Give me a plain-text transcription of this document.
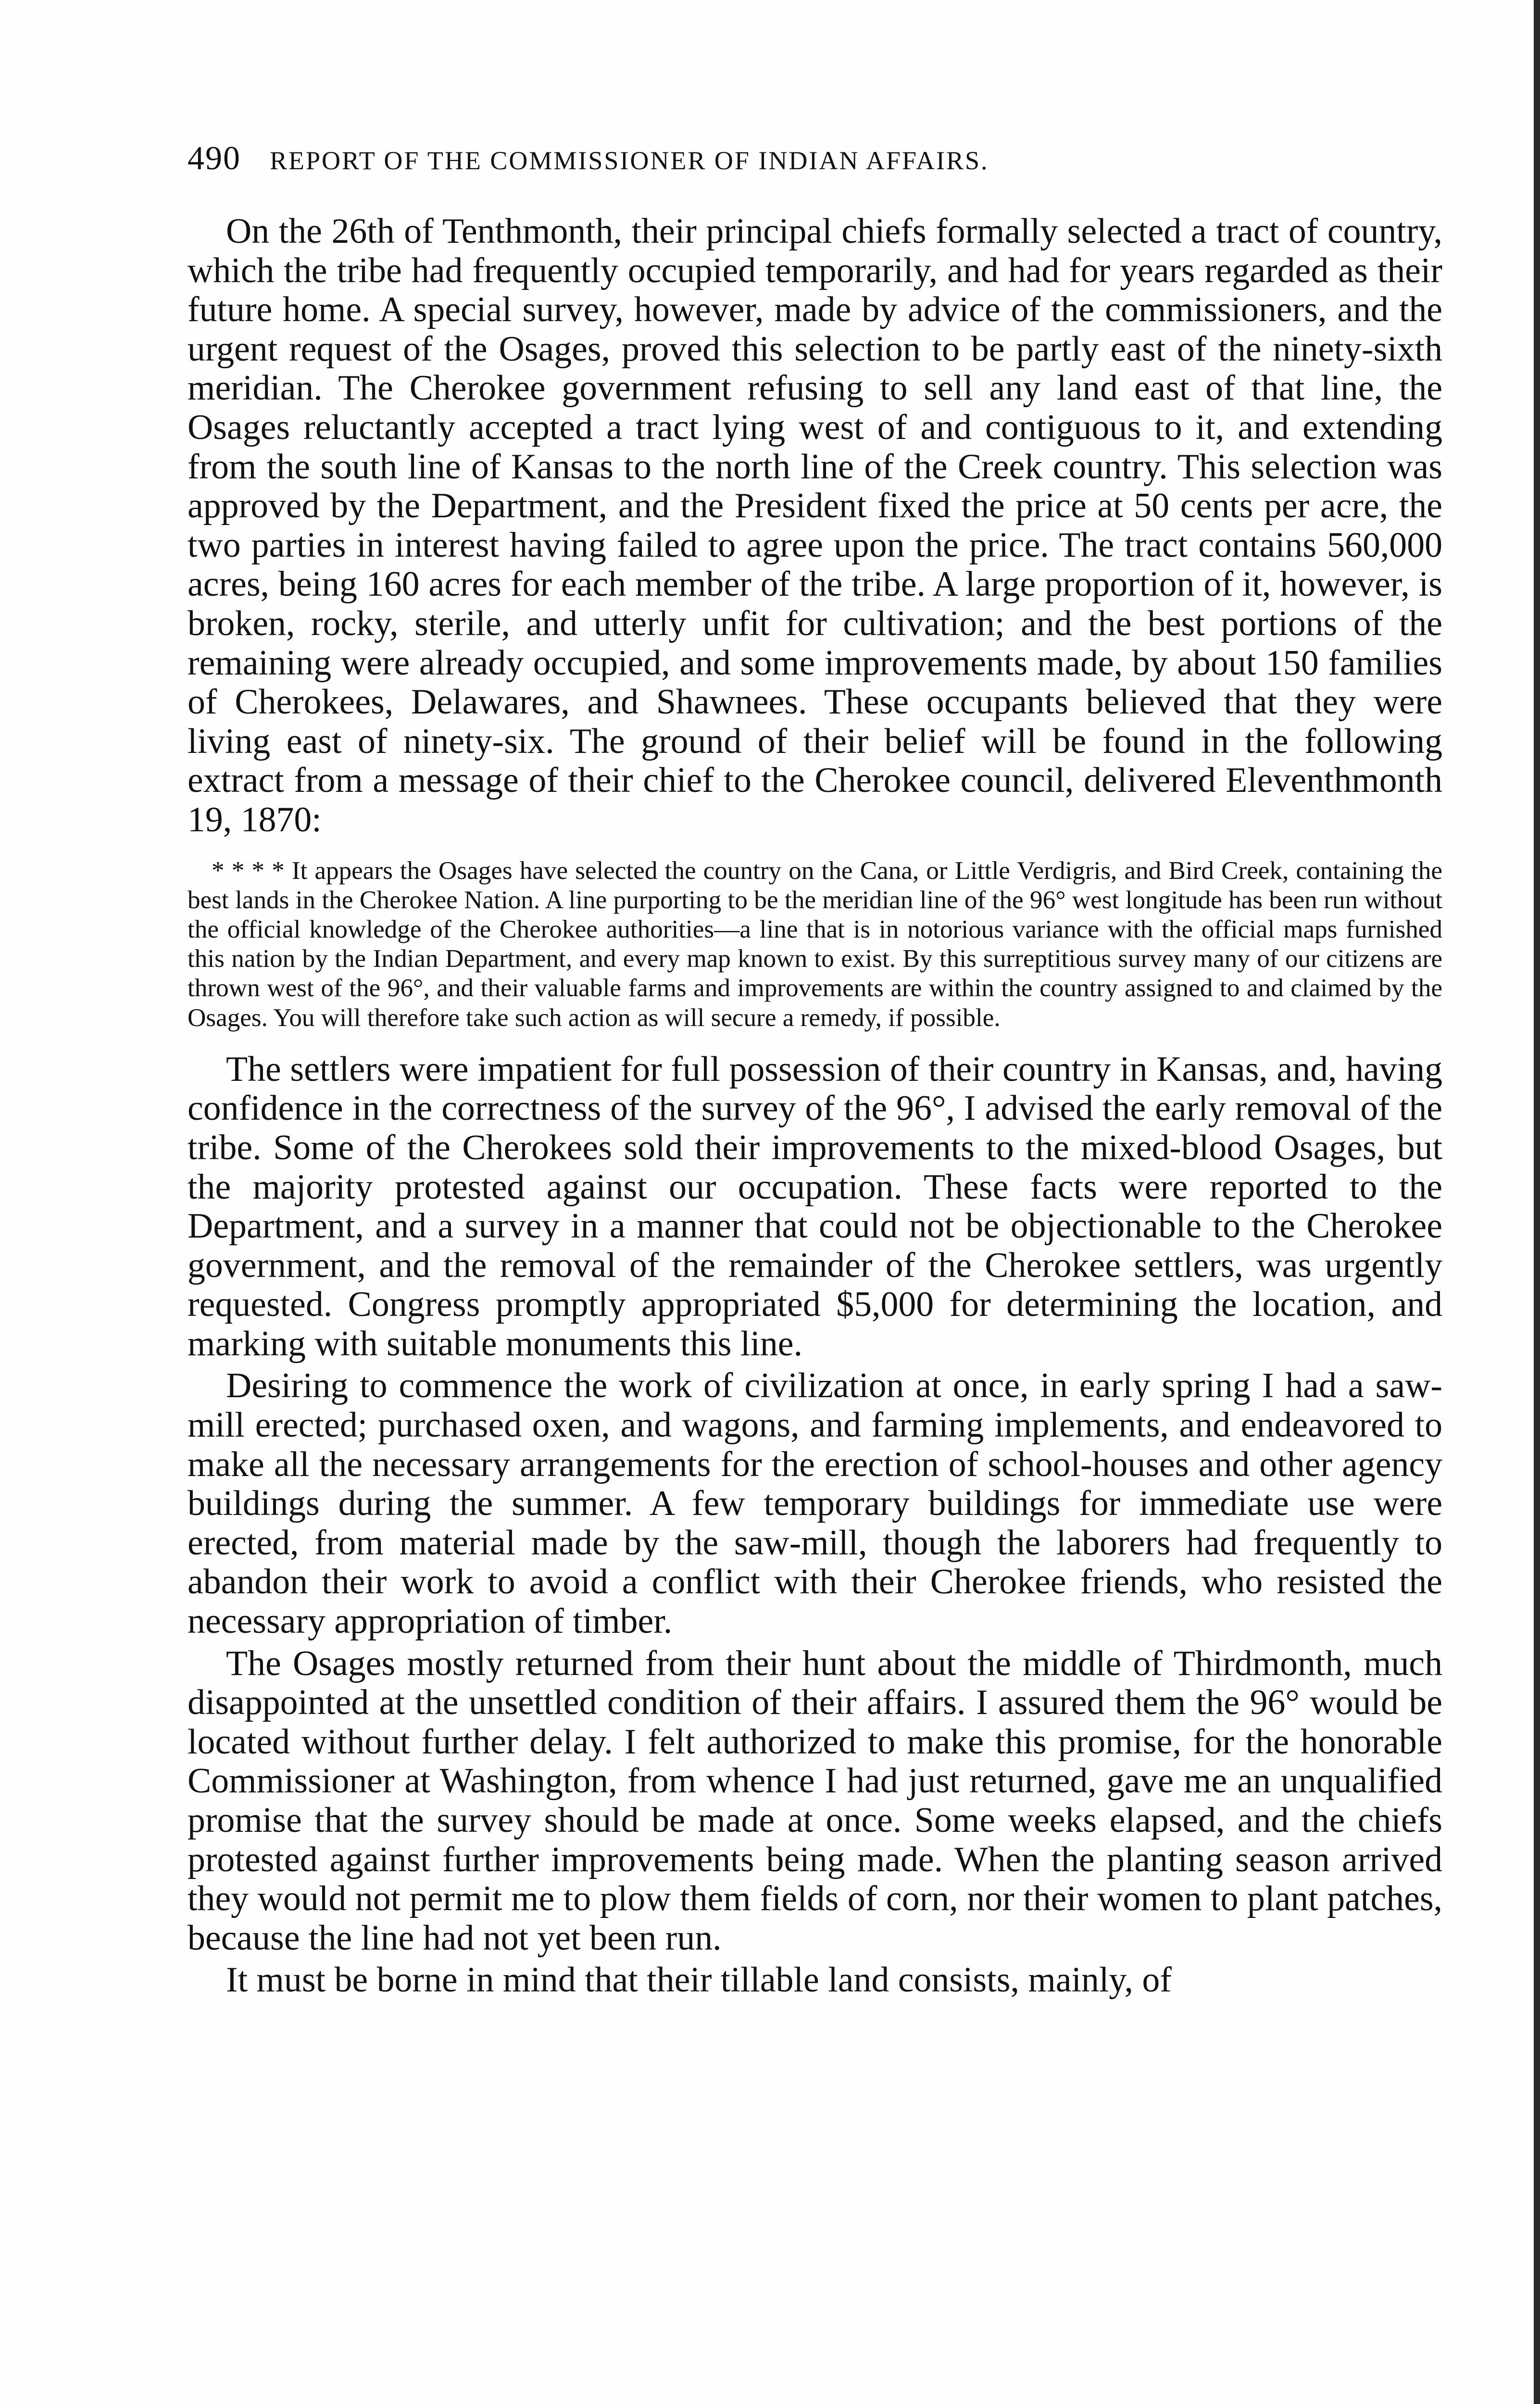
490 REPORT OF THE COMMISSIONER OF INDIAN AFFAIRS.

On the 26th of Tenthmonth, their principal chiefs formally selected a tract of country, which the tribe had frequently occupied temporarily, and had for years regarded as their future home. A special survey, however, made by advice of the commissioners, and the urgent request of the Osages, proved this selection to be partly east of the ninety-sixth meridian. The Cherokee government refusing to sell any land east of that line, the Osages reluctantly accepted a tract lying west of and contiguous to it, and extending from the south line of Kansas to the north line of the Creek country. This selection was approved by the Department, and the President fixed the price at 50 cents per acre, the two parties in interest having failed to agree upon the price. The tract contains 560,000 acres, being 160 acres for each member of the tribe. A large proportion of it, however, is broken, rocky, sterile, and utterly unfit for cultivation; and the best portions of the remaining were already occupied, and some improvements made, by about 150 families of Cherokees, Delawares, and Shawnees. These occupants believed that they were living east of ninety-six. The ground of their belief will be found in the following extract from a message of their chief to the Cherokee council, delivered Eleventhmonth 19, 1870:

* * * * It appears the Osages have selected the country on the Cana, or Little Verdigris, and Bird Creek, containing the best lands in the Cherokee Nation. A line purporting to be the meridian line of the 96° west longitude has been run without the official knowledge of the Cherokee authorities—a line that is in notorious variance with the official maps furnished this nation by the Indian Department, and every map known to exist. By this surreptitious survey many of our citizens are thrown west of the 96°, and their valuable farms and improvements are within the country assigned to and claimed by the Osages. You will therefore take such action as will secure a remedy, if possible.

The settlers were impatient for full possession of their country in Kansas, and, having confidence in the correctness of the survey of the 96°, I advised the early removal of the tribe. Some of the Cherokees sold their improvements to the mixed-blood Osages, but the majority protested against our occupation. These facts were reported to the Department, and a survey in a manner that could not be objectionable to the Cherokee government, and the removal of the remainder of the Cherokee settlers, was urgently requested. Congress promptly appropriated $5,000 for determining the location, and marking with suitable monuments this line.

Desiring to commence the work of civilization at once, in early spring I had a saw-mill erected; purchased oxen, and wagons, and farming implements, and endeavored to make all the necessary arrangements for the erection of school-houses and other agency buildings during the summer. A few temporary buildings for immediate use were erected, from material made by the saw-mill, though the laborers had frequently to abandon their work to avoid a conflict with their Cherokee friends, who resisted the necessary appropriation of timber.

The Osages mostly returned from their hunt about the middle of Thirdmonth, much disappointed at the unsettled condition of their affairs. I assured them the 96° would be located without further delay. I felt authorized to make this promise, for the honorable Commissioner at Washington, from whence I had just returned, gave me an unqualified promise that the survey should be made at once. Some weeks elapsed, and the chiefs protested against further improvements being made. When the planting season arrived they would not permit me to plow them fields of corn, nor their women to plant patches, because the line had not yet been run.

It must be borne in mind that their tillable land consists, mainly, of
